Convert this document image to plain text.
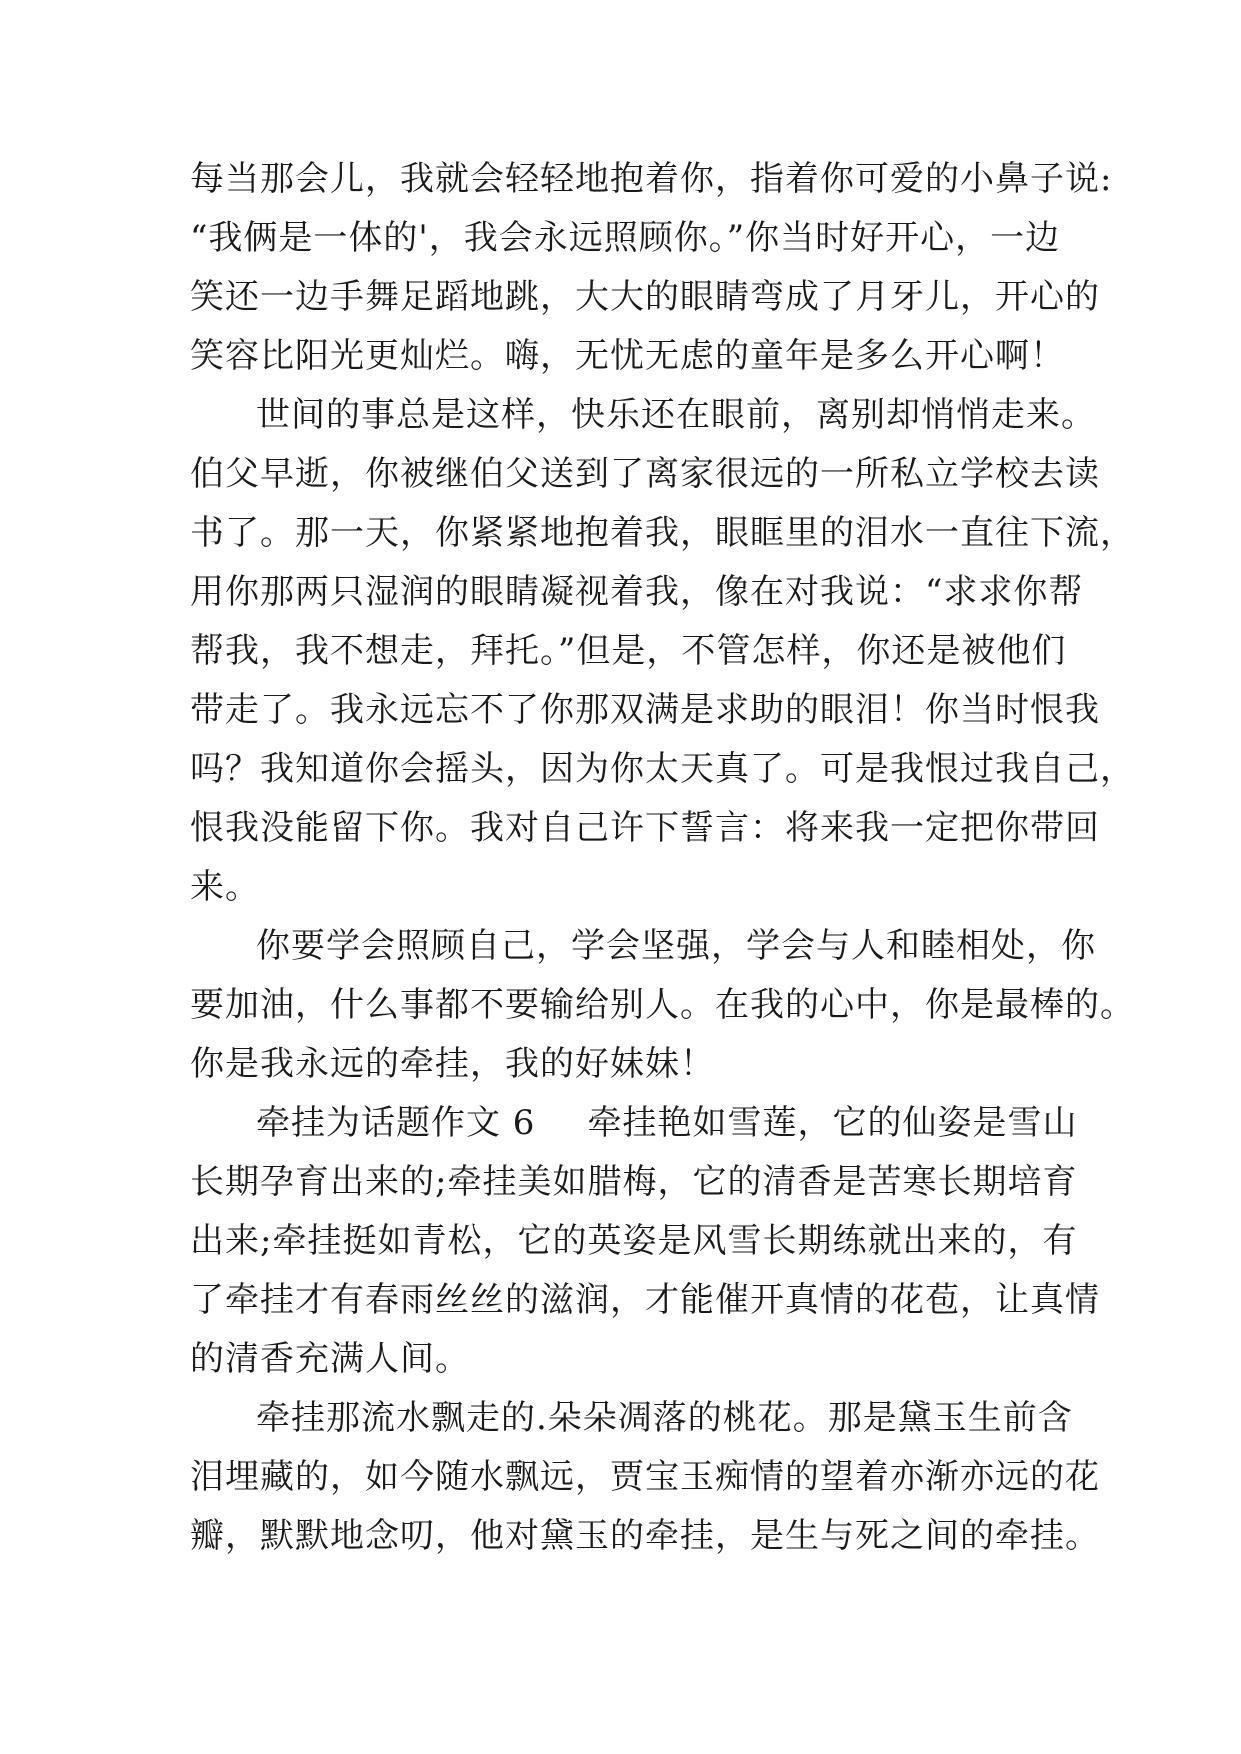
每当那会儿，我就会轻轻地抱着你，指着你可爱的小鼻子说:
“我俩是一体的'，我会永远照顾你。”你当时好开心，一边
笑还一边手舞足蹈地跳，大大的眼睛弯成了月牙儿，开心的
笑容比阳光更灿烂。嗨，无忧无虑的童年是多么开心啊！
世间的事总是这样，快乐还在眼前，离别却悄悄走来。
伯父早逝，你被继伯父送到了离家很远的一所私立学校去读
书了。那一天，你紧紧地抱着我，眼眶里的泪水一直往下流，
用你那两只湿润的眼睛凝视着我，像在对我说：“求求你帮
帮我，我不想走，拜托。”但是，不管怎样，你还是被他们
带走了。我永远忘不了你那双满是求助的眼泪！你当时恨我
吗？我知道你会摇头，因为你太天真了。可是我恨过我自己，
恨我没能留下你。我对自己许下誓言：将来我一定把你带回
来。
你要学会照顾自己，学会坚强，学会与人和睦相处，你
要加油，什么事都不要输给别人。在我的心中，你是最棒的。
你是我永远的牵挂，我的好妹妹！
牵挂为话题作文 6 牵挂艳如雪莲，它的仙姿是雪山
长期孕育出来的;牵挂美如腊梅，它的清香是苦寒长期培育
出来;牵挂挺如青松，它的英姿是风雪长期练就出来的，有
了牵挂才有春雨丝丝的滋润，才能催开真情的花苞，让真情
的清香充满人间。
牵挂那流水飘走的.朵朵凋落的桃花。那是黛玉生前含
泪埋藏的，如今随水飘远，贾宝玉痴情的望着亦渐亦远的花
瓣，默默地念叨，他对黛玉的牵挂，是生与死之间的牵挂。
